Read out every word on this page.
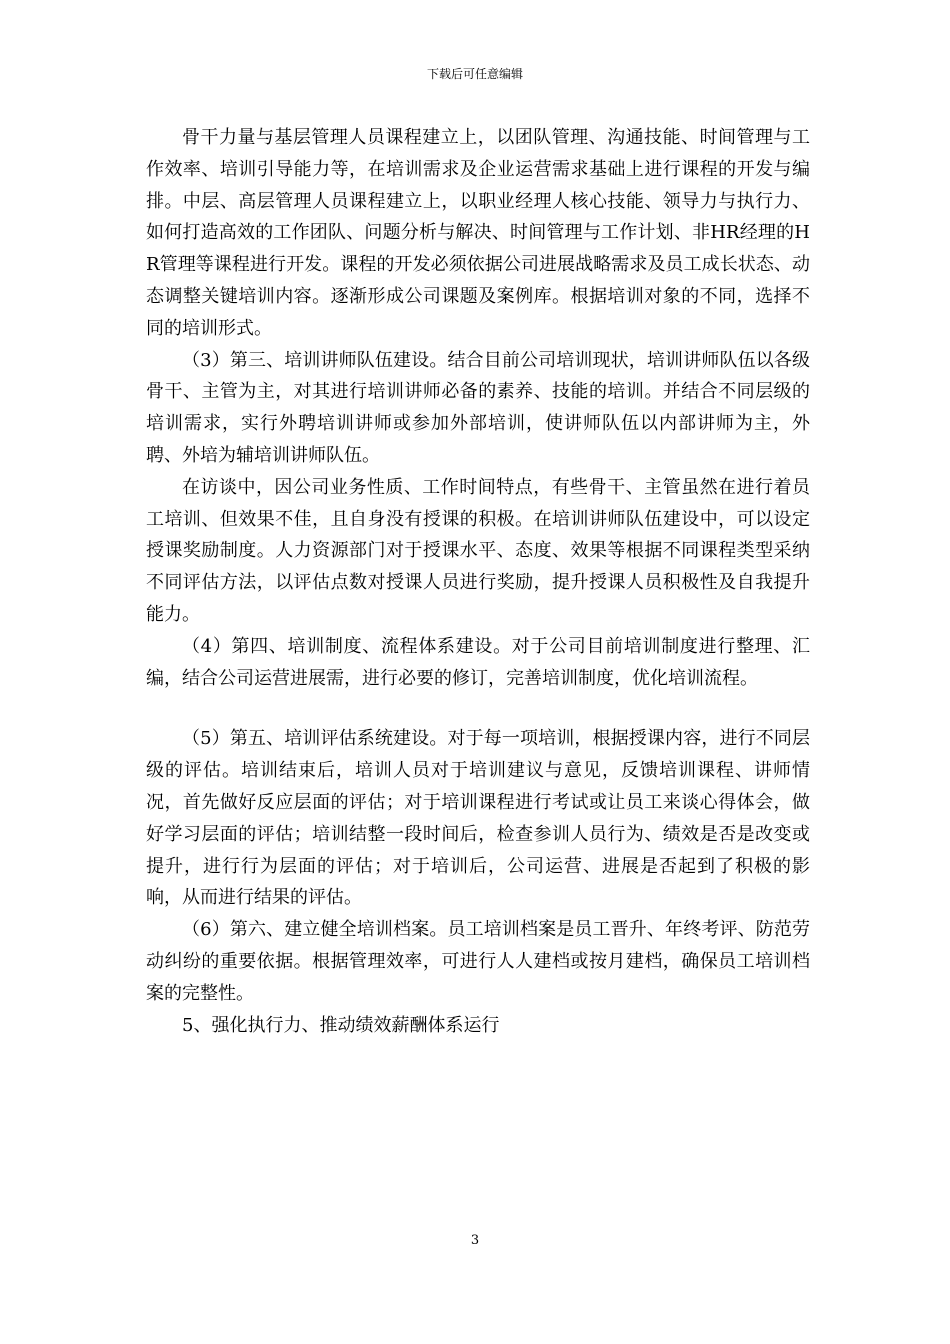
下载后可任意编辑

骨干力量与基层管理人员课程建立上，以团队管理、沟通技能、时间管理与工作效率、培训引导能力等，在培训需求及企业运营需求基础上进行课程的开发与编排。中层、高层管理人员课程建立上，以职业经理人核心技能、领导力与执行力、如何打造高效的工作团队、问题分析与解决、时间管理与工作计划、非HR经理的HR管理等课程进行开发。课程的开发必须依据公司进展战略需求及员工成长状态、动态调整关键培训内容。逐渐形成公司课题及案例库。根据培训对象的不同，选择不同的培训形式。

（3）第三、培训讲师队伍建设。结合目前公司培训现状，培训讲师队伍以各级骨干、主管为主，对其进行培训讲师必备的素养、技能的培训。并结合不同层级的培训需求，实行外聘培训讲师或参加外部培训，使讲师队伍以内部讲师为主，外聘、外培为辅培训讲师队伍。

在访谈中，因公司业务性质、工作时间特点，有些骨干、主管虽然在进行着员工培训、但效果不佳，且自身没有授课的积极。在培训讲师队伍建设中，可以设定授课奖励制度。人力资源部门对于授课水平、态度、效果等根据不同课程类型采纳不同评估方法，以评估点数对授课人员进行奖励，提升授课人员积极性及自我提升能力。

（4）第四、培训制度、流程体系建设。对于公司目前培训制度进行整理、汇编，结合公司运营进展需，进行必要的修订，完善培训制度，优化培训流程。

（5）第五、培训评估系统建设。对于每一项培训，根据授课内容，进行不同层级的评估。培训结束后，培训人员对于培训建议与意见，反馈培训课程、讲师情况，首先做好反应层面的评估；对于培训课程进行考试或让员工来谈心得体会，做好学习层面的评估；培训结整一段时间后，检查参训人员行为、绩效是否是改变或提升，进行行为层面的评估；对于培训后，公司运营、进展是否起到了积极的影响，从而进行结果的评估。

（6）第六、建立健全培训档案。员工培训档案是员工晋升、年终考评、防范劳动纠纷的重要依据。根据管理效率，可进行人人建档或按月建档，确保员工培训档案的完整性。

5、强化执行力、推动绩效薪酬体系运行

3
